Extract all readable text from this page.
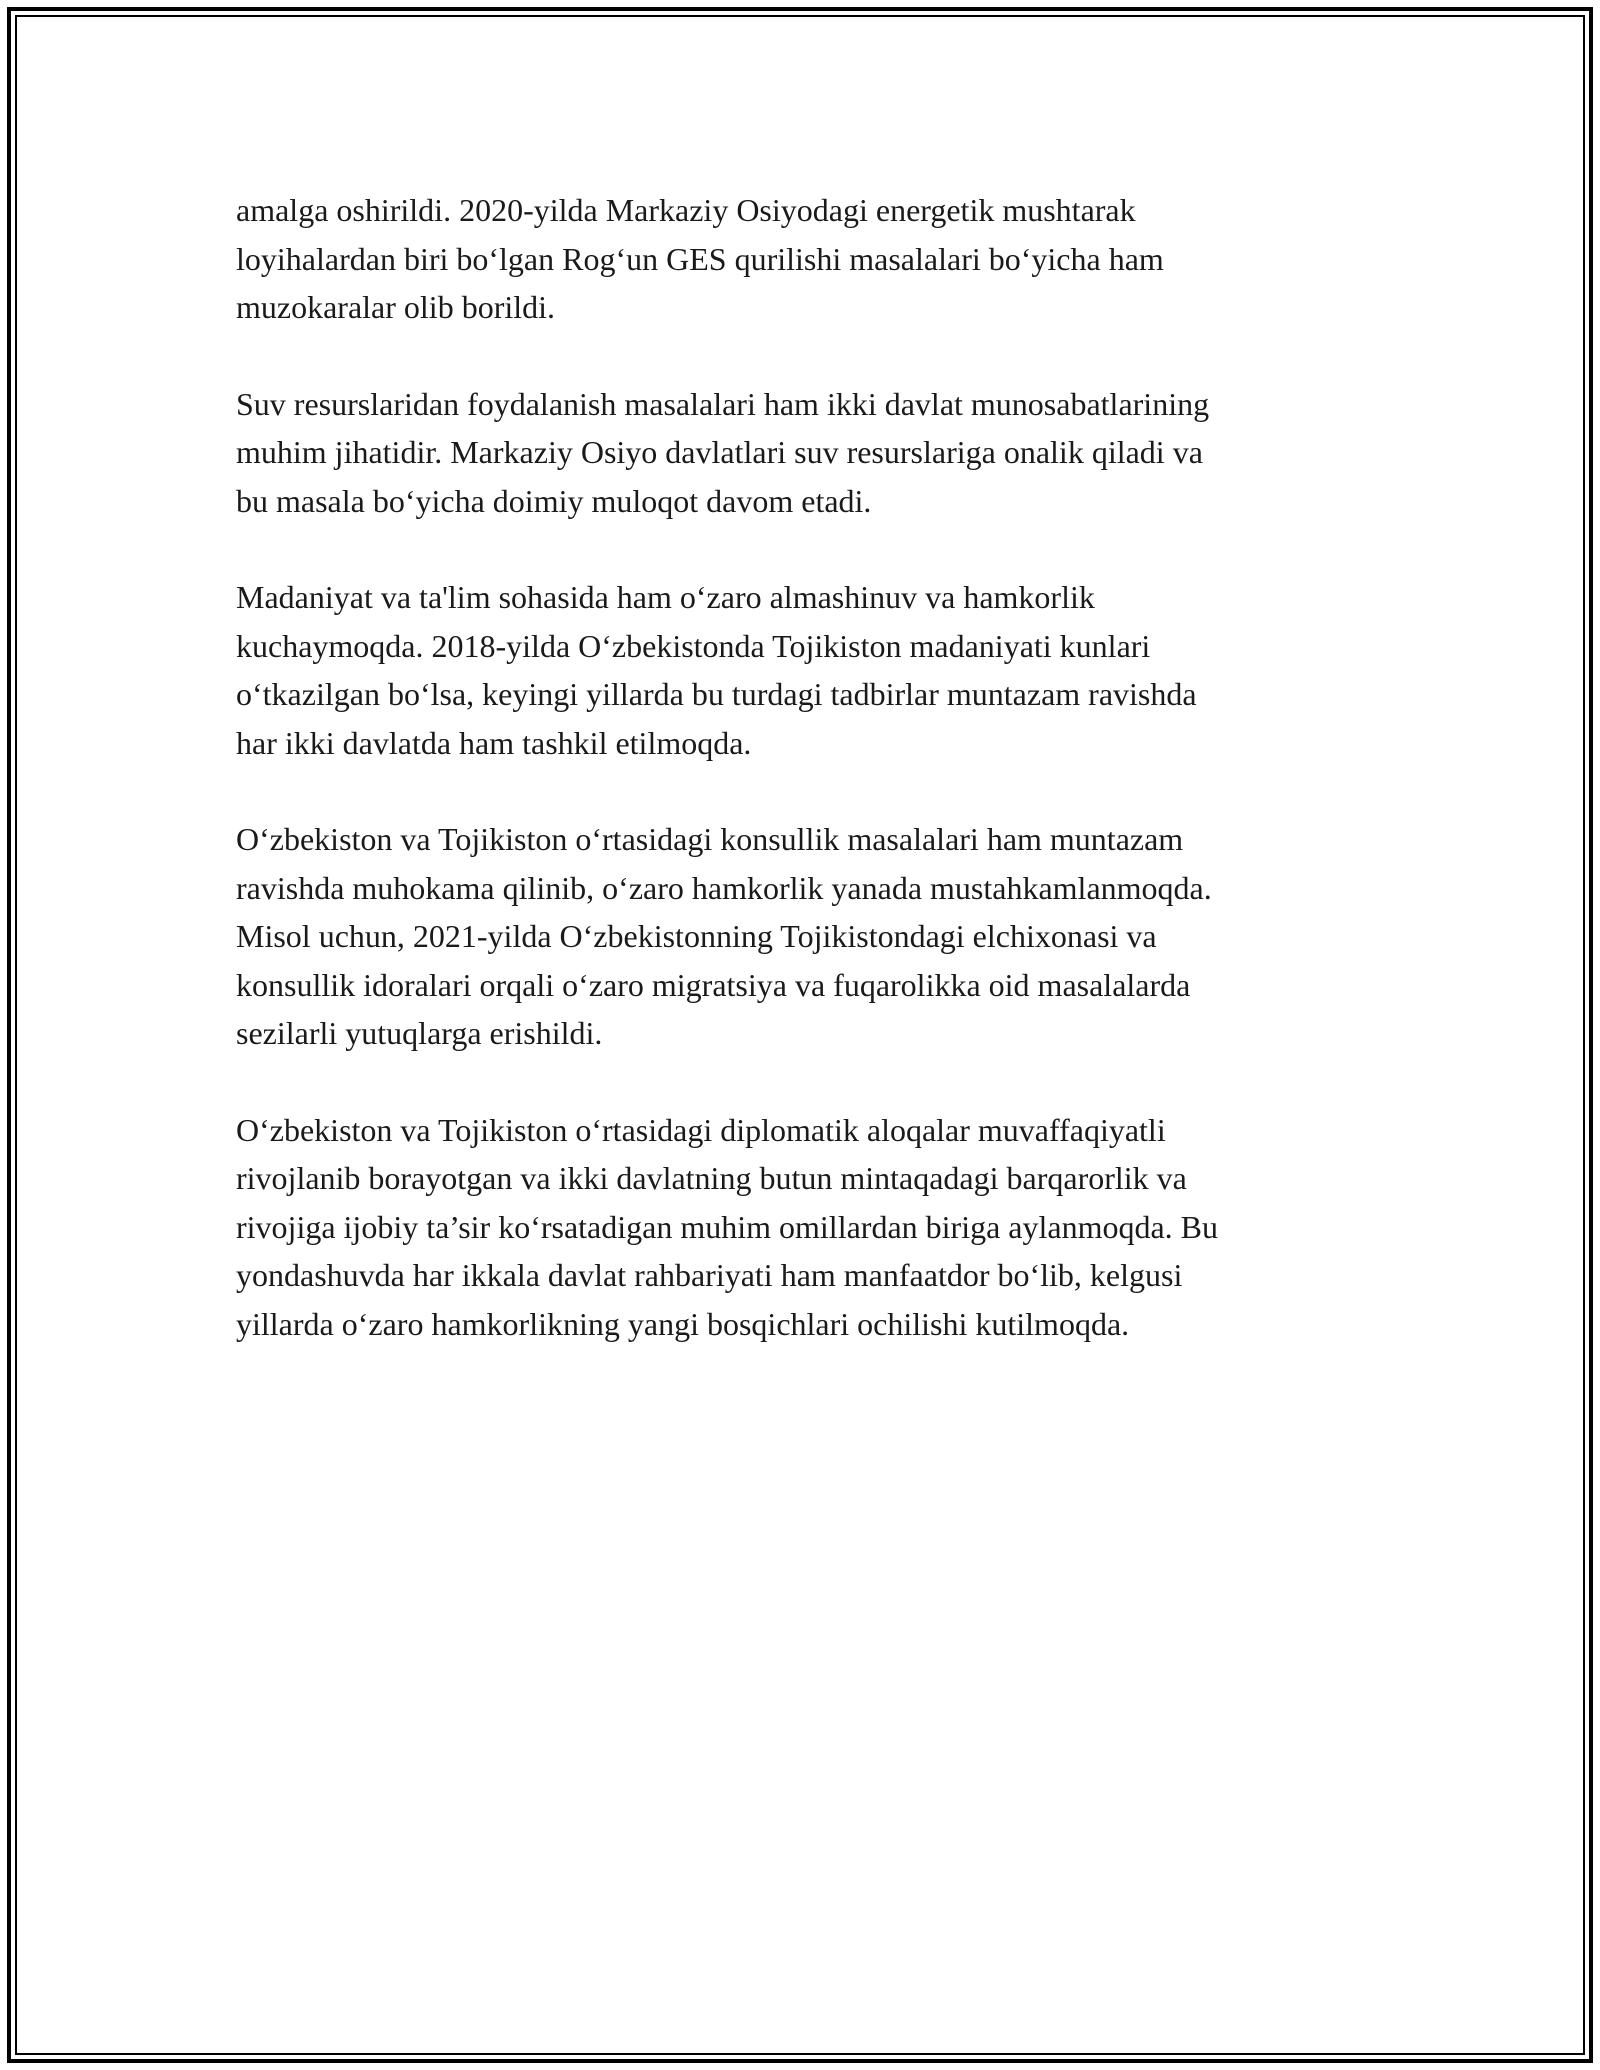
amalga oshirildi. 2020-yilda Markaziy Osiyodagi energetik mushtarak
loyihalardan biri bo‘lgan Rog‘un GES qurilishi masalalari bo‘yicha ham
muzokaralar olib borildi.

Suv resurslaridan foydalanish masalalari ham ikki davlat munosabatlarining
muhim jihatidir. Markaziy Osiyo davlatlari suv resurslariga onalik qiladi va
bu masala bo‘yicha doimiy muloqot davom etadi.

Madaniyat va ta'lim sohasida ham o‘zaro almashinuv va hamkorlik
kuchaymoqda. 2018-yilda O‘zbekistonda Tojikiston madaniyati kunlari
o‘tkazilgan bo‘lsa, keyingi yillarda bu turdagi tadbirlar muntazam ravishda
har ikki davlatda ham tashkil etilmoqda.

O‘zbekiston va Tojikiston o‘rtasidagi konsullik masalalari ham muntazam
ravishda muhokama qilinib, o‘zaro hamkorlik yanada mustahkamlanmoqda.
Misol uchun, 2021-yilda O‘zbekistonning Tojikistondagi elchixonasi va
konsullik idoralari orqali o‘zaro migratsiya va fuqarolikka oid masalalarda
sezilarli yutuqlarga erishildi.

O‘zbekiston va Tojikiston o‘rtasidagi diplomatik aloqalar muvaffaqiyatli
rivojlanib borayotgan va ikki davlatning butun mintaqadagi barqarorlik va
rivojiga ijobiy ta’sir ko‘rsatadigan muhim omillardan biriga aylanmoqda. Bu
yondashuvda har ikkala davlat rahbariyati ham manfaatdor bo‘lib, kelgusi
yillarda o‘zaro hamkorlikning yangi bosqichlari ochilishi kutilmoqda.
